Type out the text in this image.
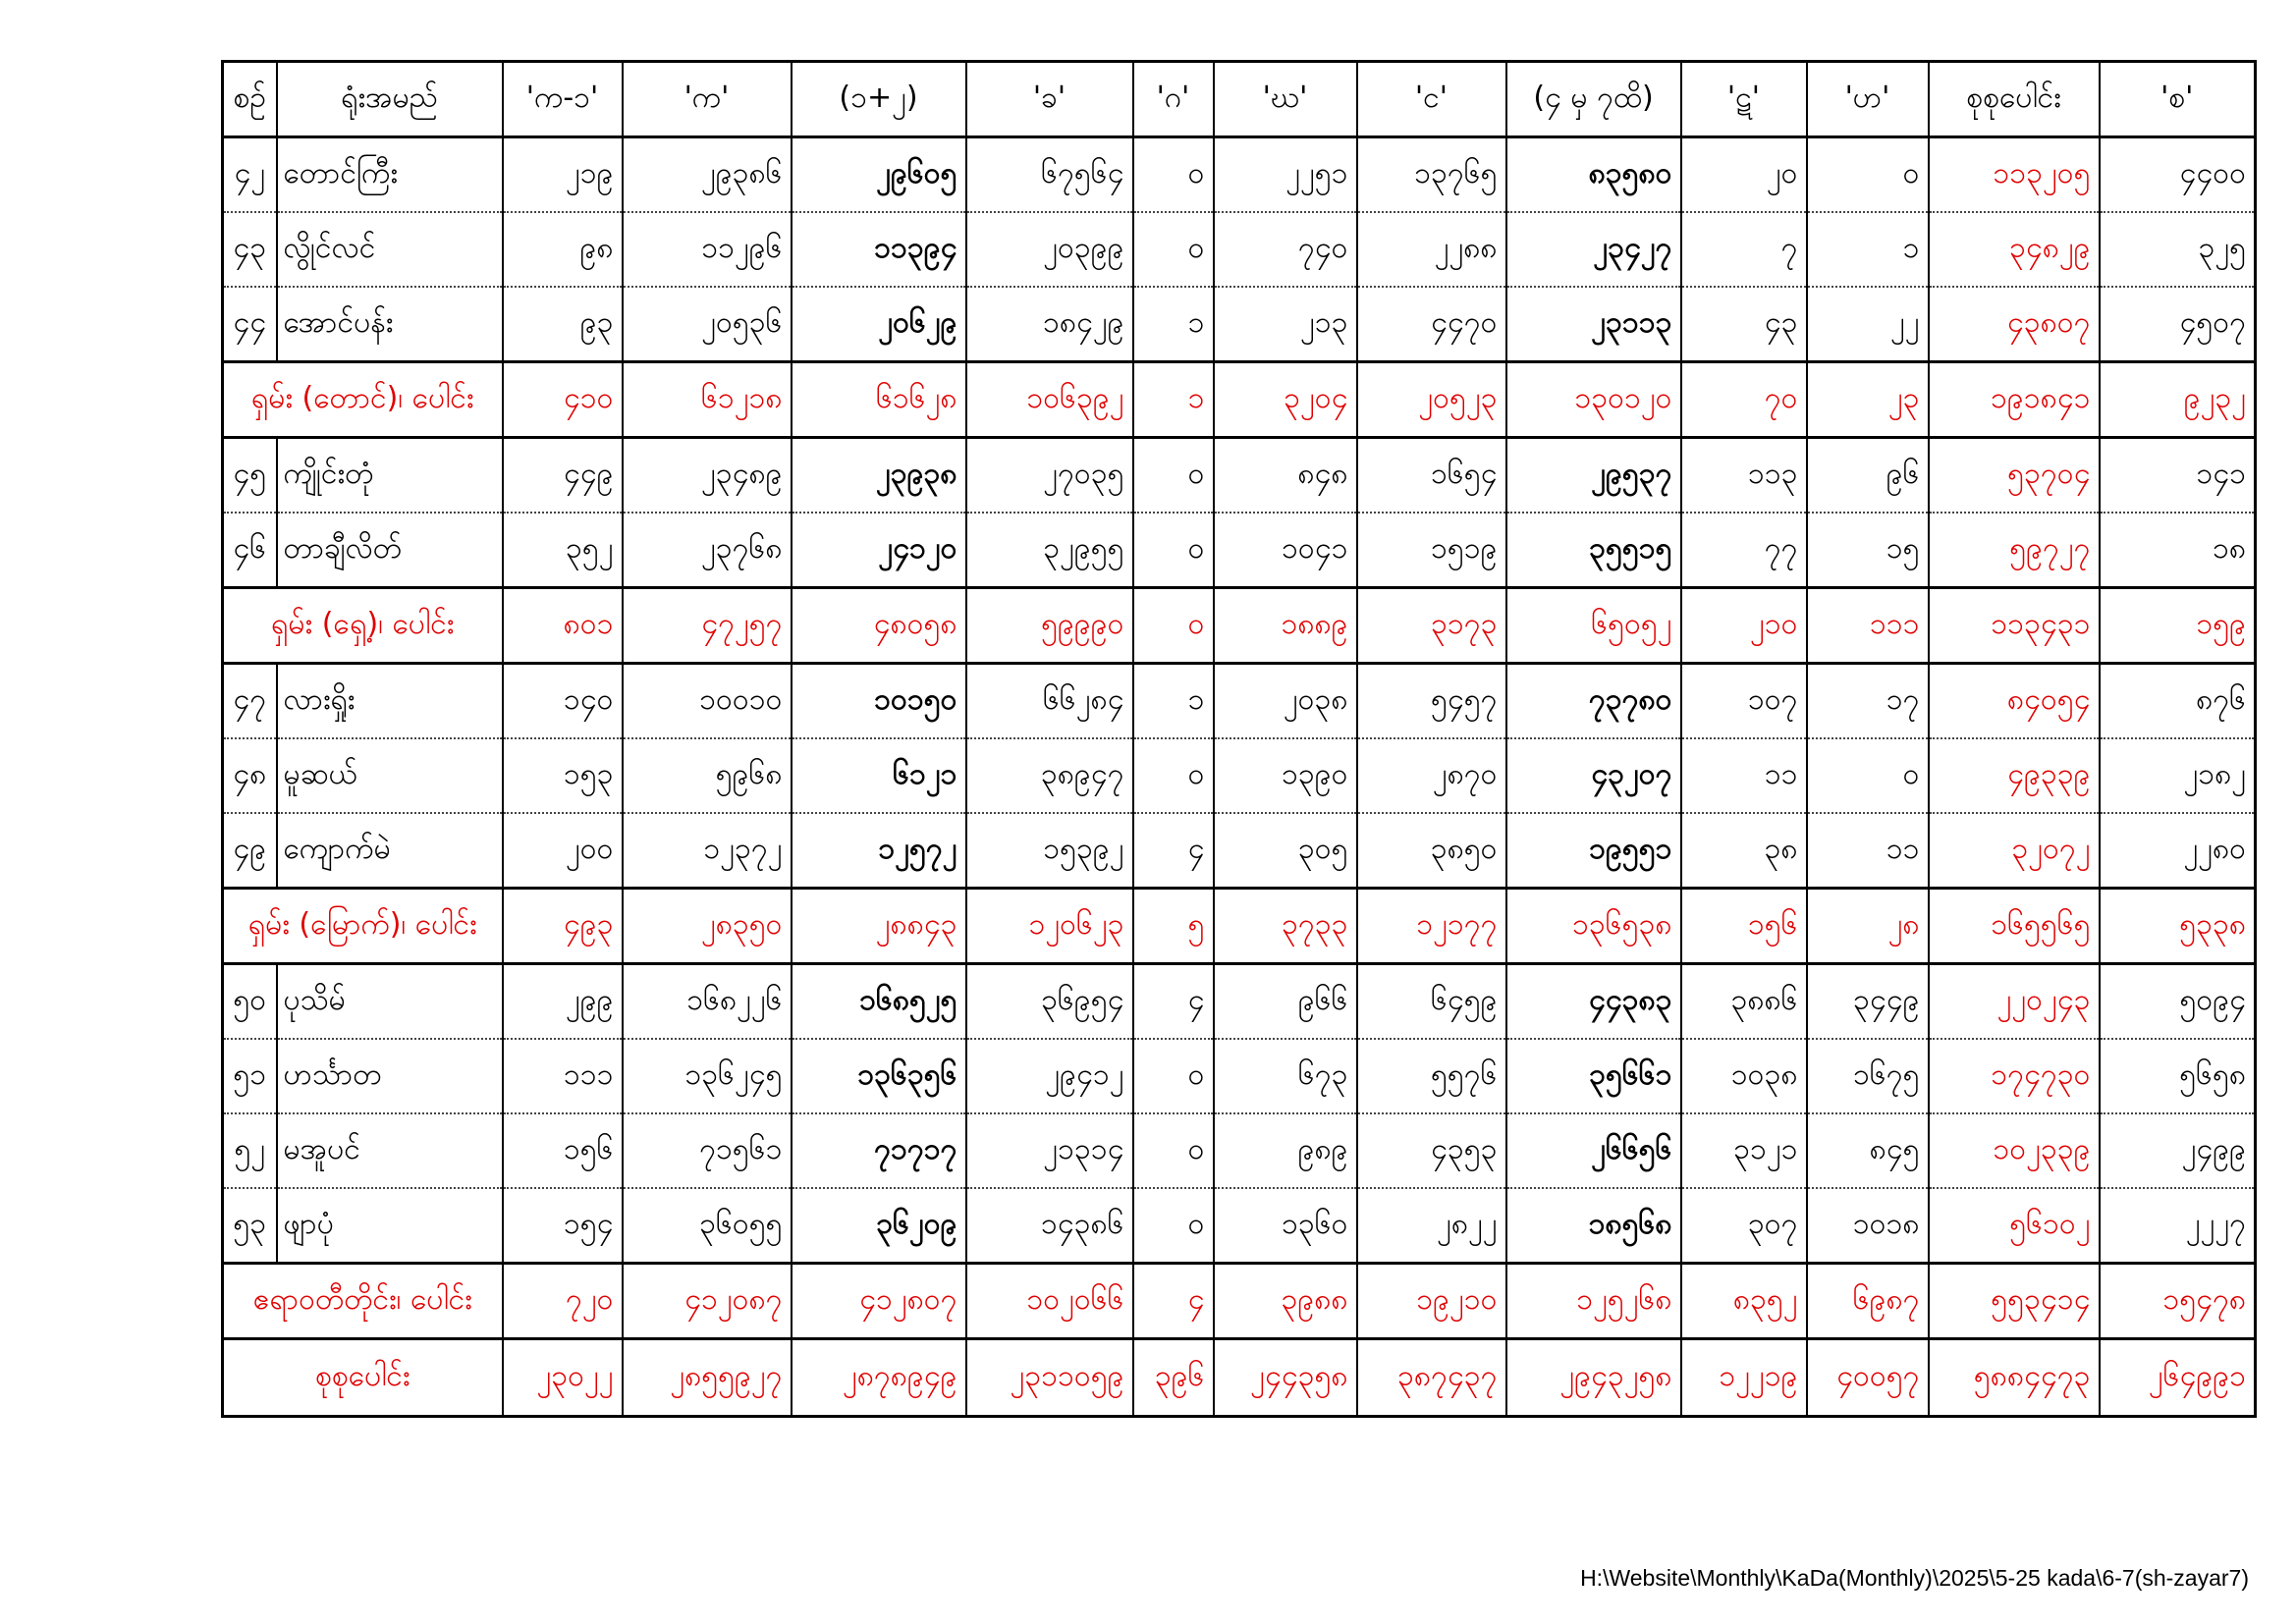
စဉ်	ရုံးအမည်	'က-၁'	'က'	(၁+၂)	'ခ'	'ဂ'	'ဃ'	'င'	(၄ မှ ၇ထိ)	'ဋ'	'ဟ'	စုစုပေါင်း	'စ'
၄၂	တောင်ကြီး	၂၁၉	၂၉၃၈၆	၂၉၆၀၅	၆၇၅၆၄	၀	၂၂၅၁	၁၃၇၆၅	၈၃၅၈၀	၂၀	၀	၁၁၃၂၀၅	၄၄၀၀
၄၃	လွိုင်လင်	၉၈	၁၁၂၉၆	၁၁၃၉၄	၂၀၃၉၉	၀	၇၄၀	၂၂၈၈	၂၃၄၂၇	၇	၁	၃၄၈၂၉	၃၂၅
၄၄	အောင်ပန်း	၉၃	၂၀၅၃၆	၂၀၆၂၉	၁၈၄၂၉	၁	၂၁၃	၄၄၇၀	၂၃၁၁၃	၄၃	၂၂	၄၃၈၀၇	၄၅၀၇
ရှမ်း (တောင်)၊ ပေါင်း		၄၁၀	၆၁၂၁၈	၆၁၆၂၈	၁၀၆၃၉၂	၁	၃၂၀၄	၂၀၅၂၃	၁၃၀၁၂၀	၇၀	၂၃	၁၉၁၈၄၁	၉၂၃၂
၄၅	ကျိုင်းတုံ	၄၄၉	၂၃၄၈၉	၂၃၉၃၈	၂၇၀၃၅	၀	၈၄၈	၁၆၅၄	၂၉၅၃၇	၁၁၃	၉၆	၅၃၇၀၄	၁၄၁
၄၆	တာချီလိတ်	၃၅၂	၂၃၇၆၈	၂၄၁၂၀	၃၂၉၅၅	၀	၁၀၄၁	၁၅၁၉	၃၅၅၁၅	၇၇	၁၅	၅၉၇၂၇	၁၈
ရှမ်း (ရှေ့)၊ ပေါင်း		၈၀၁	၄၇၂၅၇	၄၈၀၅၈	၅၉၉၉၀	၀	၁၈၈၉	၃၁၇၃	၆၅၀၅၂	၂၁၀	၁၁၁	၁၁၃၄၃၁	၁၅၉
၄၇	လားရှိုး	၁၄၀	၁၀၀၁၀	၁၀၁၅၀	၆၆၂၈၄	၁	၂၀၃၈	၅၄၅၇	၇၃၇၈၀	၁၀၇	၁၇	၈၄၀၅၄	၈၇၆
၄၈	မူဆယ်	၁၅၃	၅၉၆၈	၆၁၂၁	၃၈၉၄၇	၀	၁၃၉၀	၂၈၇၀	၄၃၂၀၇	၁၁	၀	၄၉၃၃၉	၂၁၈၂
၄၉	ကျောက်မဲ	၂၀၀	၁၂၃၇၂	၁၂၅၇၂	၁၅၃၉၂	၄	၃၀၅	၃၈၅၀	၁၉၅၅၁	၃၈	၁၁	၃၂၀၇၂	၂၂၈၀
ရှမ်း (မြောက်)၊ ပေါင်း		၄၉၃	၂၈၃၅၀	၂၈၈၄၃	၁၂၀၆၂၃	၅	၃၇၃၃	၁၂၁၇၇	၁၃၆၅၃၈	၁၅၆	၂၈	၁၆၅၅၆၅	၅၃၃၈
၅၀	ပုသိမ်	၂၉၉	၁၆၈၂၂၆	၁၆၈၅၂၅	၃၆၉၅၄	၄	၉၆၆	၆၄၅၉	၄၄၃၈၃	၃၈၈၆	၃၄၄၉	၂၂၀၂၄၃	၅၀၉၄
၅၁	ဟင်္သာတ	၁၁၁	၁၃၆၂၄၅	၁၃၆၃၅၆	၂၉၄၁၂	၀	၆၇၃	၅၅၇၆	၃၅၆၆၁	၁၀၃၈	၁၆၇၅	၁၇၄၇၃၀	၅၆၅၈
၅၂	မအူပင်	၁၅၆	၇၁၅၆၁	၇၁၇၁၇	၂၁၃၁၄	၀	၉၈၉	၄၃၅၃	၂၆၆၅၆	၃၁၂၁	၈၄၅	၁၀၂၃၃၉	၂၄၉၉
၅၃	ဖျာပုံ	၁၅၄	၃၆၀၅၅	၃၆၂၀၉	၁၄၃၈၆	၀	၁၃၆၀	၂၈၂၂	၁၈၅၆၈	၃၀၇	၁၀၁၈	၅၆၁၀၂	၂၂၂၇
ဧရာဝတီတိုင်း၊ ပေါင်း		၇၂၀	၄၁၂၀၈၇	၄၁၂၈၀၇	၁၀၂၀၆၆	၄	၃၉၈၈	၁၉၂၁၀	၁၂၅၂၆၈	၈၃၅၂	၆၉၈၇	၅၅၃၄၁၄	၁၅၄၇၈
စုစုပေါင်း		၂၃၀၂၂	၂၈၅၅၉၂၇	၂၈၇၈၉၄၉	၂၃၁၁၀၅၉	၃၉၆	၂၄၄၃၅၈	၃၈၇၄၃၇	၂၉၄၃၂၅၈	၁၂၂၁၉	၄၀၀၅၇	၅၈၈၄၄၇၃	၂၆၄၉၉၁
H:\Website\Monthly\KaDa(Monthly)\2025\5-25 kada\6-7(sh-zayar7)
